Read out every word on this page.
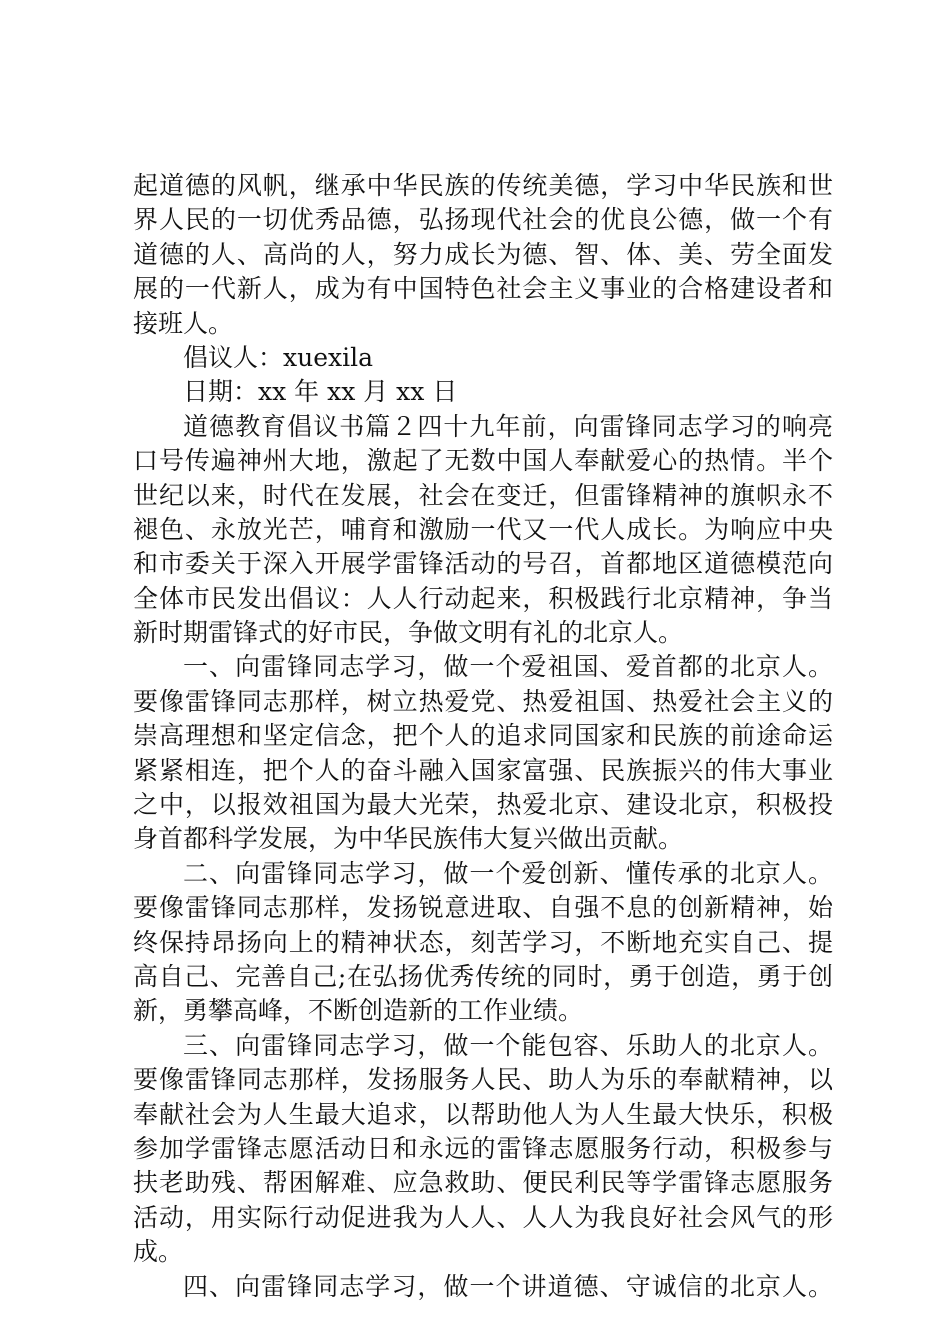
起道德的风帆，继承中华民族的传统美德，学习中华民族和世
界人民的一切优秀品德，弘扬现代社会的优良公德，做一个有
道德的人、高尚的人，努力成长为德、智、体、美、劳全面发
展的一代新人，成为有中国特色社会主义事业的合格建设者和
接班人。
倡议人：xuexila
日期：xx 年 xx 月 xx 日
道德教育倡议书篇２四十九年前，向雷锋同志学习的响亮
口号传遍神州大地，激起了无数中国人奉献爱心的热情。半个
世纪以来，时代在发展，社会在变迁，但雷锋精神的旗帜永不
褪色、永放光芒，哺育和激励一代又一代人成长。为响应中央
和市委关于深入开展学雷锋活动的号召，首都地区道德模范向
全体市民发出倡议：人人行动起来，积极践行北京精神，争当
新时期雷锋式的好市民，争做文明有礼的北京人。
一、向雷锋同志学习，做一个爱祖国、爱首都的北京人。
要像雷锋同志那样，树立热爱党、热爱祖国、热爱社会主义的
崇高理想和坚定信念，把个人的追求同国家和民族的前途命运
紧紧相连，把个人的奋斗融入国家富强、民族振兴的伟大事业
之中，以报效祖国为最大光荣，热爱北京、建设北京，积极投
身首都科学发展，为中华民族伟大复兴做出贡献。
二、向雷锋同志学习，做一个爱创新、懂传承的北京人。
要像雷锋同志那样，发扬锐意进取、自强不息的创新精神，始
终保持昂扬向上的精神状态，刻苦学习，不断地充实自己、提
高自己、完善自己;在弘扬优秀传统的同时，勇于创造，勇于创
新，勇攀高峰，不断创造新的工作业绩。
三、向雷锋同志学习，做一个能包容、乐助人的北京人。
要像雷锋同志那样，发扬服务人民、助人为乐的奉献精神，以
奉献社会为人生最大追求，以帮助他人为人生最大快乐，积极
参加学雷锋志愿活动日和永远的雷锋志愿服务行动，积极参与
扶老助残、帮困解难、应急救助、便民利民等学雷锋志愿服务
活动，用实际行动促进我为人人、人人为我良好社会风气的形
成。
四、向雷锋同志学习，做一个讲道德、守诚信的北京人。
